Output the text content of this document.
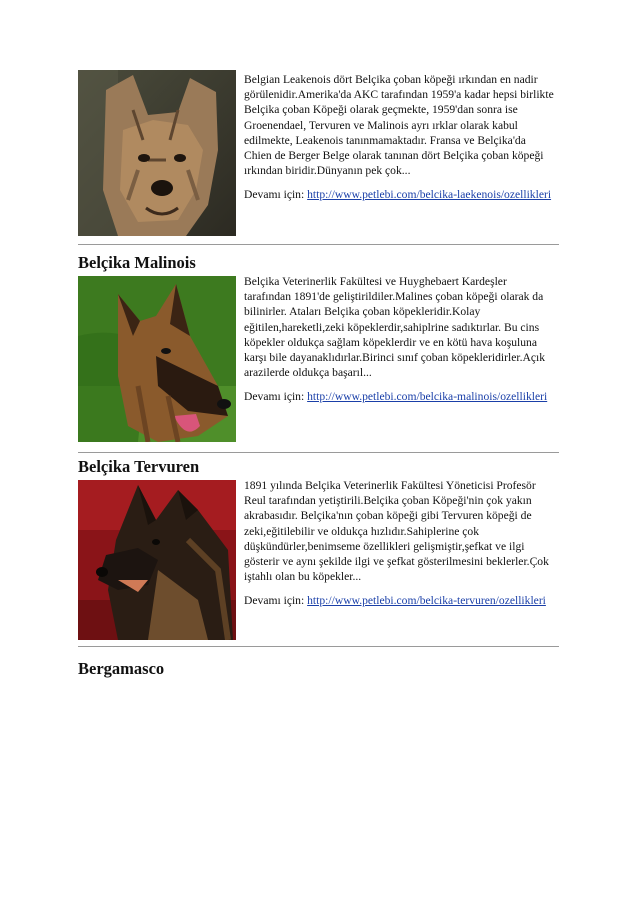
Belgian Leakenois dört Belçika çoban köpeği ırkından en nadir görülenidir.Amerika'da AKC tarafından 1959'a kadar hepsi birlikte Belçika çoban Köpeği olarak geçmekte, 1959'dan sonra ise Groenendael, Tervuren ve Malinois ayrı ırklar olarak kabul edilmekte, Leakenois tanınmamaktadır. Fransa ve Belçika'da Chien de Berger Belge olarak tanınan dört Belçika çoban köpeği ırkından biridir.Dünyanın pek çok...

Devamı için: http://www.petlebi.com/belcika-laekenois/ozellikleri

Belçika Malinois

Belçika Veterinerlik Fakültesi ve Huyghebaert Kardeşler tarafından 1891'de geliştirildiler.Malines çoban köpeği olarak da bilinirler. Ataları Belçika çoban köpekleridir.Kolay eğitilen,hareketli,zeki köpeklerdir,sahiplrine sadıktırlar. Bu cins köpekler oldukça sağlam köpeklerdir ve en kötü hava koşuluna karşı bile dayanaklıdırlar.Birinci sınıf çoban köpekleridirler.Açık arazilerde oldukça başarıl...

Devamı için: http://www.petlebi.com/belcika-malinois/ozellikleri

Belçika Tervuren

1891 yılında Belçika Veterinerlik Fakültesi Yöneticisi Profesör Reul tarafından yetiştirili.Belçika çoban Köpeği'nin çok yakın akrabasıdır. Belçika'nın çoban köpeği gibi Tervuren köpeği de zeki,eğitilebilir ve oldukça hızlıdır.Sahiplerine çok düşkündürler,benimseme özellikleri gelişmiştir,şefkat ve ilgi gösterir ve aynı şekilde ilgi ve şefkat gösterilmesini beklerler.Çok iştahlı olan bu köpekler...

Devamı için: http://www.petlebi.com/belcika-tervuren/ozellikleri

Bergamasco
